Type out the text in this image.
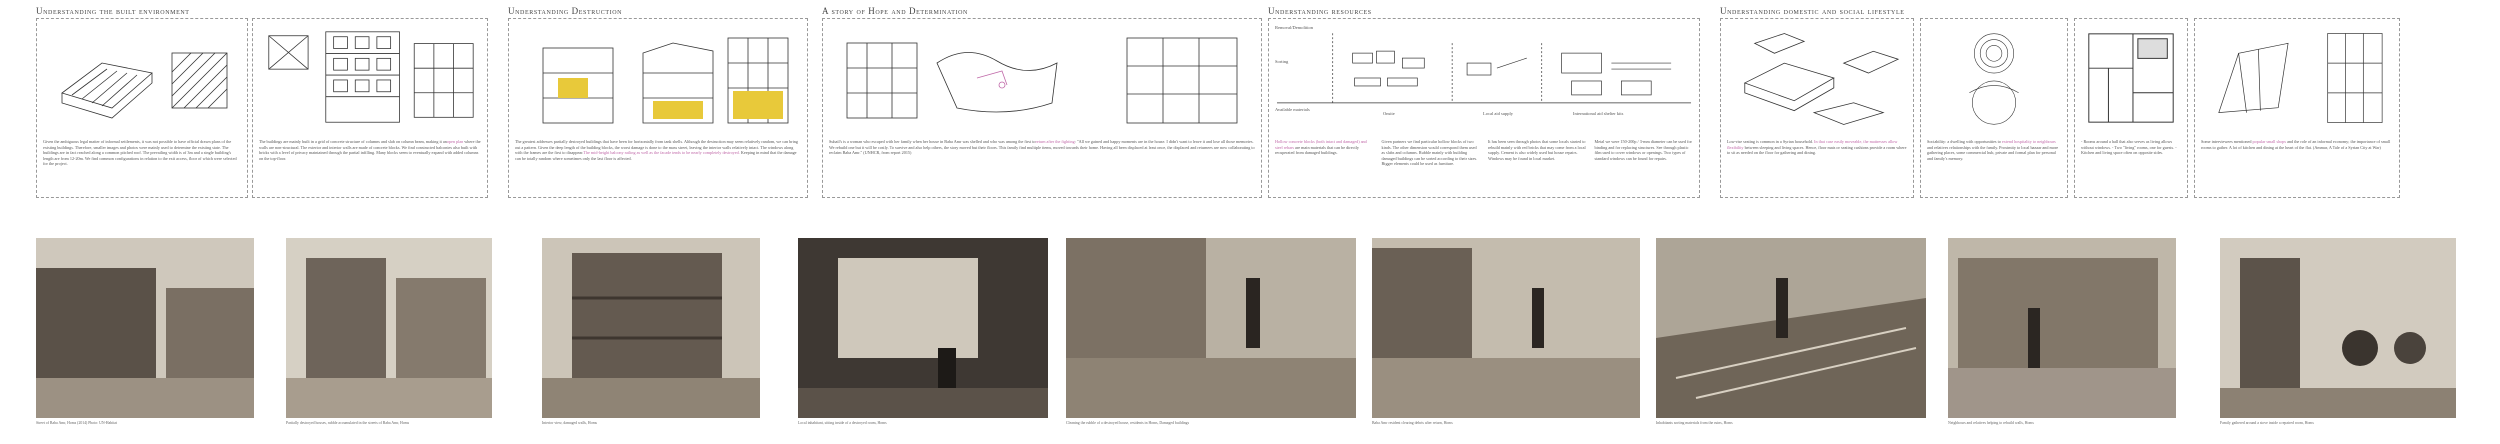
Understanding the built environment	Understanding Destruction	A story of Hope and Determination	Understanding resources	Understanding domestic and social lifestyle
Given the ambiguous legal matter of informal settlements, it was not possible to have official drawn plans of the existing buildings. Therefore, smaller images and photos were mainly used to determine the existing state. The buildings are in fact reached along a common pitched roof. The prevailing width is of 3m and a single building's length are from 12-20m. We find common configurations in relation to the exit access, floor of which were selected for the project.
The buildings are mainly built in a grid of concrete structure of columns and slab on column beam, making it anopen plan where the walls are non-structural. The exterior and interior walls are made of concrete blocks. We find constructed balconies also built with bricks with a level of privacy maintained through the partial infilling. Many blocks seem to eventually expand with added columns on the top-floor.
The greatest addresses partially destroyed buildings that have been for horizontally from tank shells. Although the destruction may seem relatively random, we can bring out a pattern. Given the deep length of the building blocks, the worst damage is done to the mass street, leaving the interior walls relatively intact. The windows along with the frames are the first to disappear.The mid-height balcony railing as well as the facade tends to be nearly completely destroyed. Keeping in mind that the damage can be totally random where sometimes only the last floor is affected.
Suhail's is a woman who escaped with her family when her house in Baba Amr was shelled and who was among the first toreturn after the fighting: "All we gained and happy moments are in the house. I didn't want to leave it and lose all those memories. We rebuild one but it will be costly. To survive and also help others, the story moved but their floors. This family find multiple items, moved towards their home. Having all been displaced at least once, the displaced and returnees are now collaborating to reclaim Baba Amr." (UNHCR, from report 2015)
Removal/Demolition
Sorting
Onsite	Local aid supply	International aid shelter kits
Available materials
Hollow concrete blocks (both intact and damaged) and steel rebars are main materials that can be directly recuperated from damaged buildings.
Given partners we find particular hollow blocks of two kinds. The other dimension would correspond them used as slabs and columns. Rubble mainly with building damaged buildings can be sorted according to their sizes. Bigger elements could be used as furniture.
It has been seen through photos that some locals started to rebuild mainly with red bricks that may come from a local supply. Cement is also widely used but house repairs. Windows may be found in local market.
Metal we were 150-200p / 3-mm diameter can be used for binding and for replacing structures. See through plastic film used to cover windows or openings. Two types of standard windows can be found for repairs.
Low-rise seating is common in a Syrian household. In that case easily moveable, the mattresses allow flexibility between sleeping and living spaces. Hence, floor mats or seating cushions provide a room where to sit as needed on the floor for gathering and dining.
Sociability: a dwelling with opportunities to extend hospitality to neighbours and relatives relationships with the family. Proximity to local bazaar and more gathering places, some commercial hub, private and formal plan for personal and family's memory.
- Rooms around a hall that also serves as living allows without windows. - Two "living" rooms, one for guests. - Kitchen and living space often on opposite sides.
Some interviewees mentioned popular small shops and the role of an informal economy; the importance of small rooms to gather. A lot of kitchen and dining at the heart of the flat. (Ammar, A Tale of a Syrian City at War)
Street of Baba Amr, Homs (2014) Photo: UN-Habitat	Partially destroyed houses, rubble accumulated in the streets of Baba Amr, Homs	Interior view, damaged walls, Homs	Local inhabitant, sitting inside of a destroyed room, Homs	Cleaning the rubble of a destroyed house, residents in Homs, Damaged buildings	Baba Amr resident clearing debris after return, Homs	Inhabitants sorting materials from the ruins, Homs	Neighbours and relatives helping to rebuild walls, Homs	Family gathered around a stove inside a repaired room, Homs
